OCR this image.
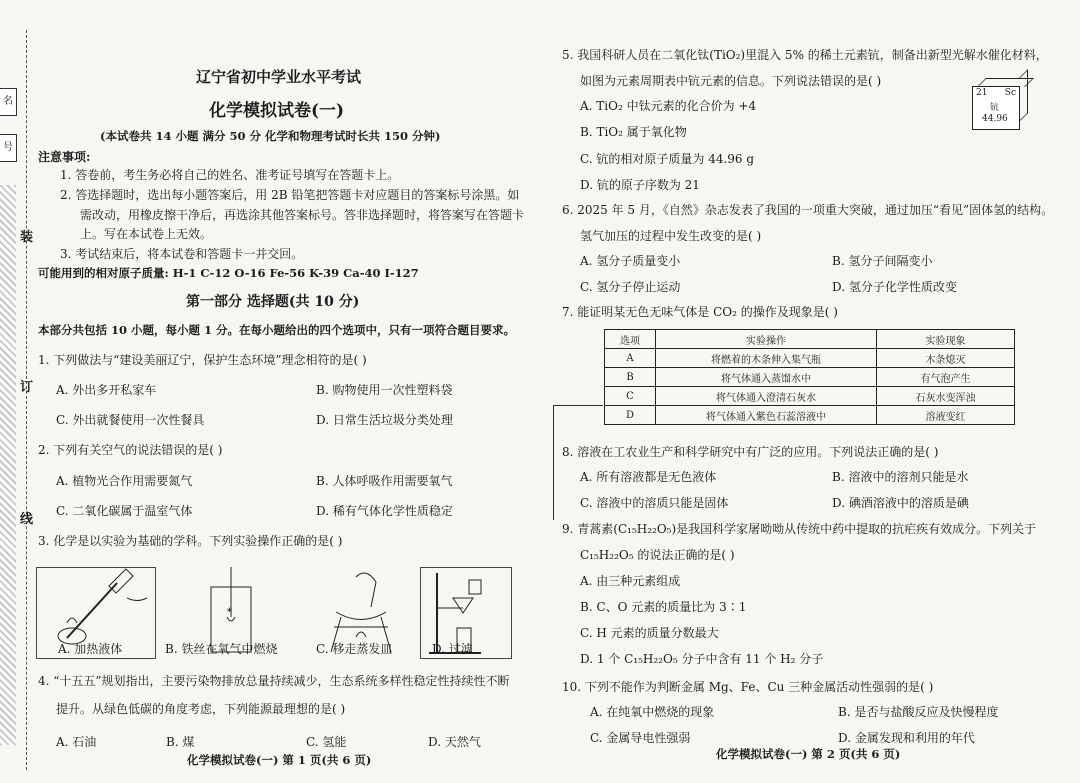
名
号
装
订
线
辽宁省初中学业水平考试
化学模拟试卷(一)
(本试卷共 14 小题 满分 50 分 化学和物理考试时长共 150 分钟)
注意事项:
1. 答卷前，考生务必将自己的姓名、准考证号填写在答题卡上。
2. 答选择题时，选出每小题答案后，用 2B 铅笔把答题卡对应题目的答案标号涂黑。如
需改动，用橡皮擦干净后，再选涂其他答案标号。答非选择题时，将答案写在答题卡
上。写在本试卷上无效。
3. 考试结束后，将本试卷和答题卡一并交回。
可能用到的相对原子质量: H-1 C-12 O-16 Fe-56 K-39 Ca-40 I-127
第一部分 选择题(共 10 分)
本部分共包括 10 小题，每小题 1 分。在每小题给出的四个选项中，只有一项符合题目要求。
1. 下列做法与“建设美丽辽宁，保护生态环境”理念相符的是( )
A. 外出多开私家车	B. 购物使用一次性塑料袋
C. 外出就餐使用一次性餐具	D. 日常生活垃圾分类处理
2. 下列有关空气的说法错误的是( )
A. 植物光合作用需要氮气	B. 人体呼吸作用需要氧气
C. 二氧化碳属于温室气体	D. 稀有气体化学性质稳定
3. 化学是以实验为基础的学科。下列实验操作正确的是( )
*
A. 加热液体	B. 铁丝在氧气中燃烧	C. 移走蒸发皿	D. 过滤
4. “十五五”规划指出，主要污染物排放总量持续减少，生态系统多样性稳定性持续性不断
提升。从绿色低碳的角度考虑，下列能源最理想的是( )
A. 石油	B. 煤	C. 氢能	D. 天然气
化学模拟试卷(一) 第 1 页(共 6 页)
5. 我国科研人员在二氧化钛(TiO₂)里混入 5% 的稀土元素钪，制备出新型光解水催化材料，
如图为元素周期表中钪元素的信息。下列说法错误的是( )
21 Sc
钪
44.96
A. TiO₂ 中钛元素的化合价为 +4
B. TiO₂ 属于氧化物
C. 钪的相对原子质量为 44.96 g
D. 钪的原子序数为 21
6. 2025 年 5 月，《自然》杂志发表了我国的一项重大突破，通过加压“看见”固体氢的结构。
氢气加压的过程中发生改变的是( )
A. 氢分子质量变小	B. 氢分子间隔变小
C. 氢分子停止运动	D. 氢分子化学性质改变
7. 能证明某无色无味气体是 CO₂ 的操作及现象是( )
选项	实验操作	实验现象
A	将燃着的木条伸入集气瓶	木条熄灭
B	将气体通入蒸馏水中	有气泡产生
C	将气体通入澄清石灰水	石灰水变浑浊
D	将气体通入紫色石蕊溶液中	溶液变红
8. 溶液在工农业生产和科学研究中有广泛的应用。下列说法正确的是( )
A. 所有溶液都是无色液体	B. 溶液中的溶剂只能是水
C. 溶液中的溶质只能是固体	D. 碘酒溶液中的溶质是碘
9. 青蒿素(C₁₅H₂₂O₅)是我国科学家屠呦呦从传统中药中提取的抗疟疾有效成分。下列关于
C₁₅H₂₂O₅ 的说法正确的是( )
A. 由三种元素组成
B. C、O 元素的质量比为 3∶1
C. H 元素的质量分数最大
D. 1 个 C₁₅H₂₂O₅ 分子中含有 11 个 H₂ 分子
10. 下列不能作为判断金属 Mg、Fe、Cu 三种金属活动性强弱的是( )
A. 在纯氧中燃烧的现象	B. 是否与盐酸反应及快慢程度
C. 金属导电性强弱	D. 金属发现和利用的年代
化学模拟试卷(一) 第 2 页(共 6 页)
